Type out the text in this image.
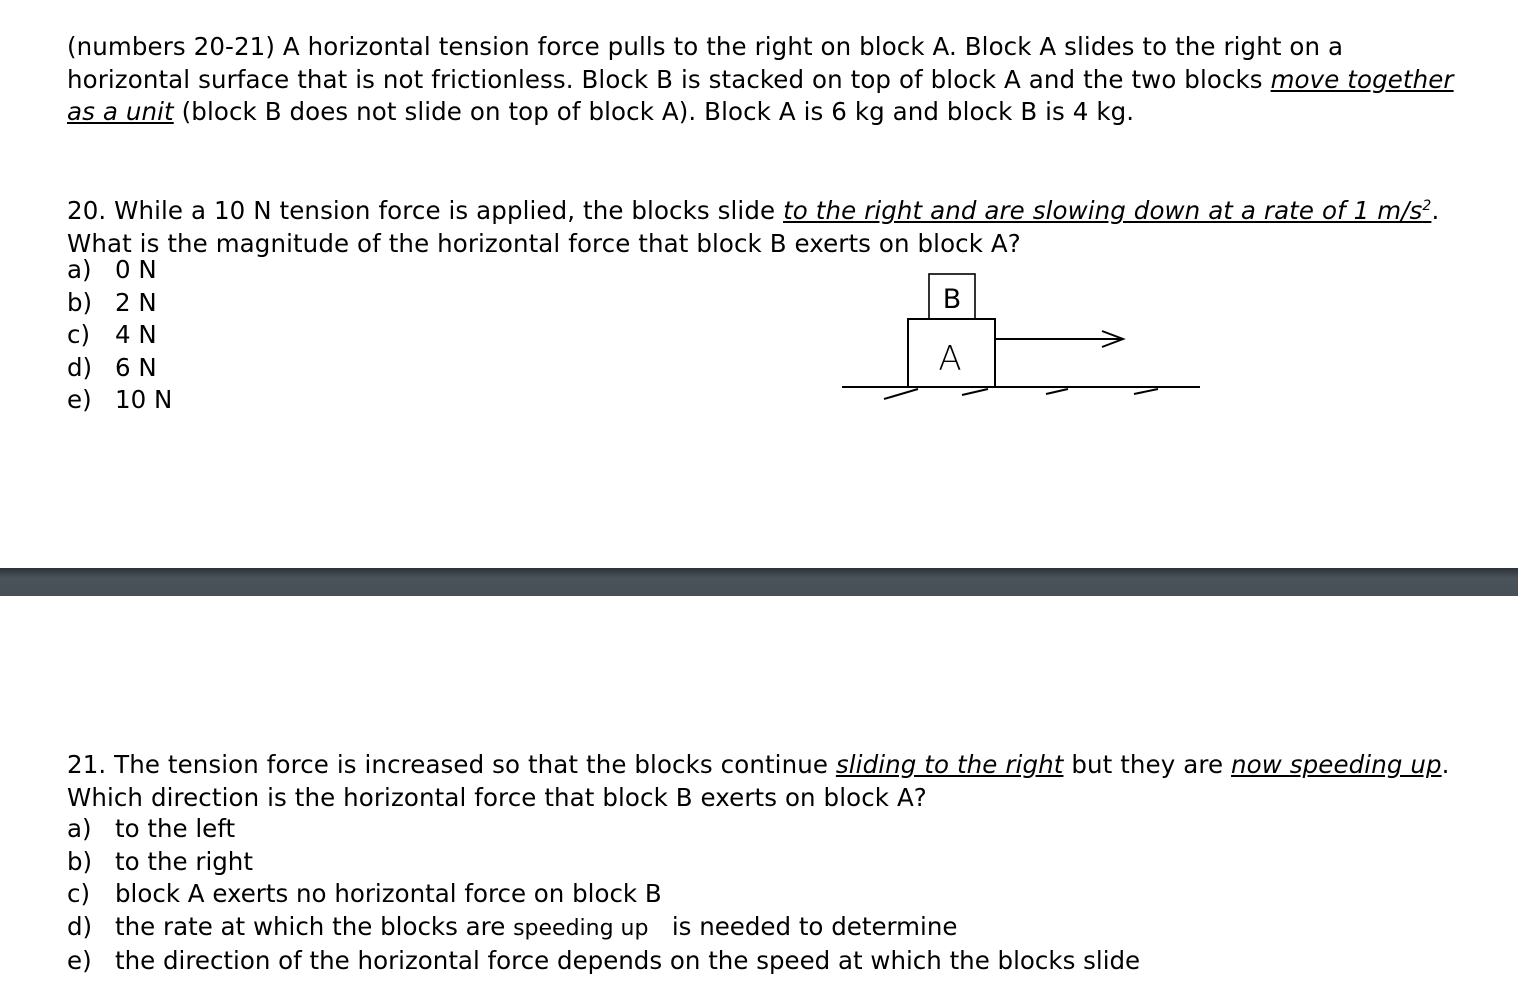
(numbers 20-21) A horizontal tension force pulls to the right on block A. Block A slides to the right on a horizontal surface that is not frictionless. Block B is stacked on top of block A and the two blocks move together as a unit (block B does not slide on top of block A). Block A is 6 kg and block B is 4 kg.

20. While a 10 N tension force is applied, the blocks slide to the right and are slowing down at a rate of 1 $m/s^2$. What is the magnitude of the horizontal force that block B exerts on block A?

a) 0 N
b) 2 N
c) 4 N
d) 6 N
e) 10 N
A
B

21. The tension force is increased so that the blocks continue sliding to the right but they are now speeding up. Which direction is the horizontal force that block B exerts on block A?

a) to the left
b) to the right
c) block A exerts no horizontal force on block B
d) the rate at which the blocks are speeding up   is needed to determine
e) the direction of the horizontal force depends on the speed at which the blocks slide
